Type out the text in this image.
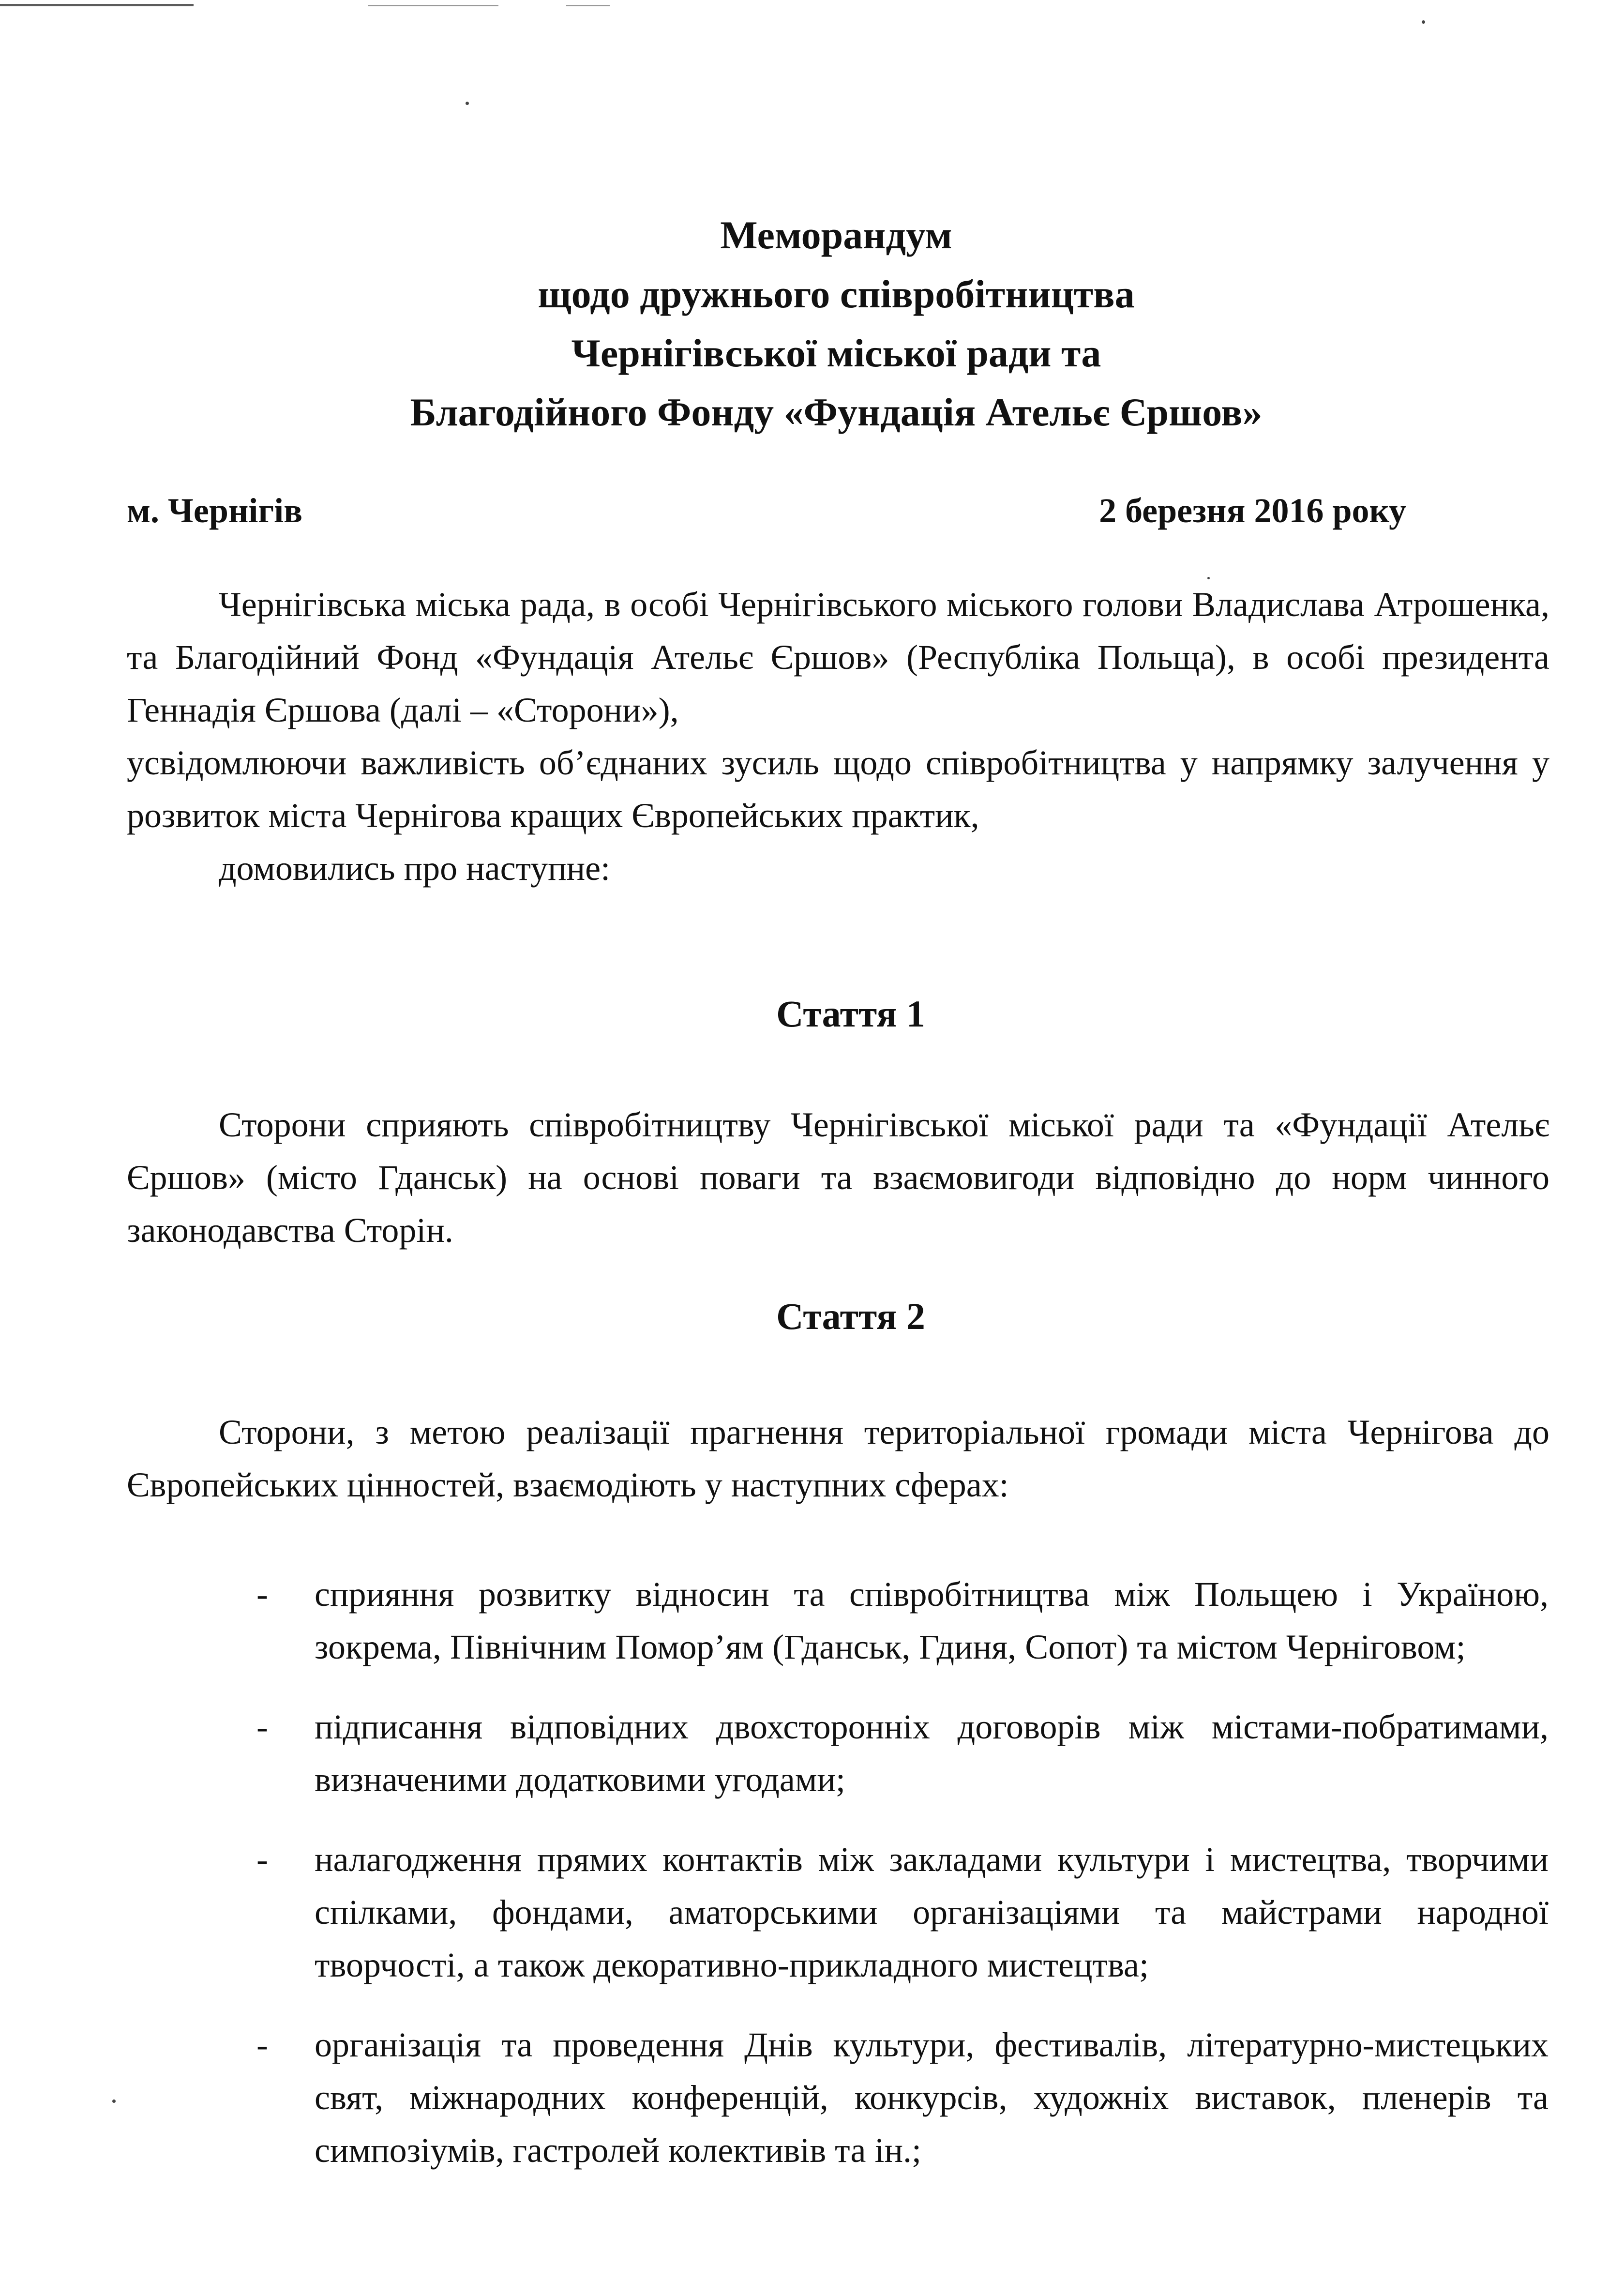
Меморандум
щодо дружнього співробітництва
Чернігівської міської ради та
Благодійного Фонду «Фундація Ательє Єршов»
м. Чернігів	2 березня 2016 року

Чернігівська міська рада, в особі Чернігівського міського голови Владислава Атрошенка, та Благодійний Фонд «Фундація Ательє Єршов» (Республіка Польща), в особі президента Геннадія Єршова (далі – «Сторони»),

усвідомлюючи важливість об’єднаних зусиль щодо співробітництва у напрямку залучення у розвиток міста Чернігова кращих Європейських практик,

домовились про наступне:

Стаття 1

Сторони сприяють співробітництву Чернігівської міської ради та «Фундації Ательє Єршов» (місто Гданськ) на основі поваги та взаємовигоди відповідно до норм чинного законодавства Сторін.

Стаття 2

Сторони, з метою реалізації прагнення територіальної громади міста Чернігова до Європейських цінностей, взаємодіють у наступних сферах:

- сприяння розвитку відносин та співробітництва між Польщею і Україною, зокрема, Північним Помор’ям (Гданськ, Гдиня, Сопот) та містом Черніговом;
- підписання відповідних двохсторонніх договорів між містами-побратимами, визначеними додатковими угодами;
- налагодження прямих контактів між закладами культури і мистецтва, творчими спілками, фондами, аматорськими організаціями та майстрами народної творчості, а також декоративно-прикладного мистецтва;
- організація та проведення Днів культури, фестивалів, літературно-мистецьких свят, міжнародних конференцій, конкурсів, художніх виставок, пленерів та симпозіумів, гастролей колективів та ін.;
